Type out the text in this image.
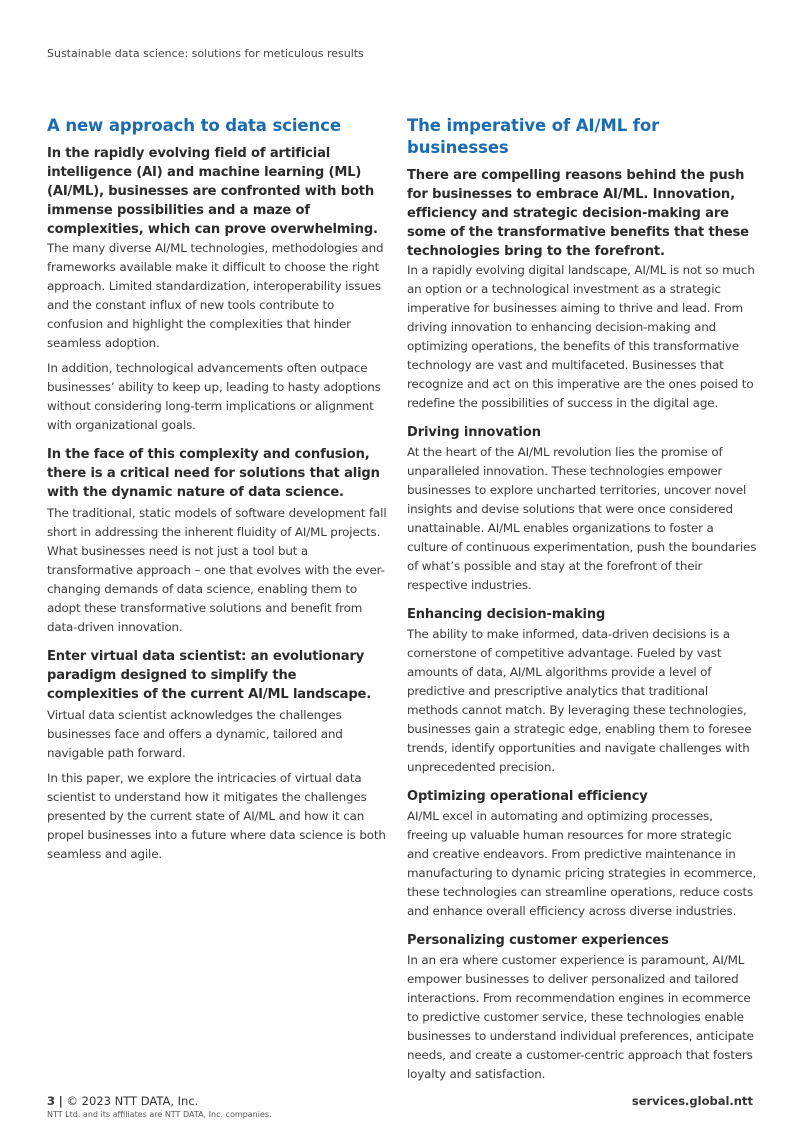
Sustainable data science: solutions for meticulous results
A new approach to data science

In the rapidly evolving field of artificial intelligence (AI) and machine learning (ML) (AI/ML), businesses are confronted with both immense possibilities and a maze of complexities, which can prove overwhelming.

The many diverse AI/ML technologies, methodologies and frameworks available make it difficult to choose the right approach. Limited standardization, interoperability issues and the constant influx of new tools contribute to confusion and highlight the complexities that hinder seamless adoption.

In addition, technological advancements often outpace businesses’ ability to keep up, leading to hasty adoptions without considering long-term implications or alignment with organizational goals.

In the face of this complexity and confusion, there is a critical need for solutions that align with the dynamic nature of data science.

The traditional, static models of software development fall short in addressing the inherent fluidity of AI/ML projects. What businesses need is not just a tool but a transformative approach – one that evolves with the ever-changing demands of data science, enabling them to adopt these transformative solutions and benefit from data-driven innovation.

Enter virtual data scientist: an evolutionary paradigm designed to simplify the complexities of the current AI/ML landscape.

Virtual data scientist acknowledges the challenges businesses face and offers a dynamic, tailored and navigable path forward.

In this paper, we explore the intricacies of virtual data scientist to understand how it mitigates the challenges presented by the current state of AI/ML and how it can propel businesses into a future where data science is both seamless and agile.

The imperative of AI/ML for businesses

There are compelling reasons behind the push for businesses to embrace AI/ML. Innovation, efficiency and strategic decision-making are some of the transformative benefits that these technologies bring to the forefront.

In a rapidly evolving digital landscape, AI/ML is not so much an option or a technological investment as a strategic imperative for businesses aiming to thrive and lead. From driving innovation to enhancing decision-making and optimizing operations, the benefits of this transformative technology are vast and multifaceted. Businesses that recognize and act on this imperative are the ones poised to redefine the possibilities of success in the digital age.

Driving innovation

At the heart of the AI/ML revolution lies the promise of unparalleled innovation. These technologies empower businesses to explore uncharted territories, uncover novel insights and devise solutions that were once considered unattainable. AI/ML enables organizations to foster a culture of continuous experimentation, push the boundaries of what’s possible and stay at the forefront of their respective industries.

Enhancing decision-making

The ability to make informed, data-driven decisions is a cornerstone of competitive advantage. Fueled by vast amounts of data, AI/ML algorithms provide a level of predictive and prescriptive analytics that traditional methods cannot match. By leveraging these technologies, businesses gain a strategic edge, enabling them to foresee trends, identify opportunities and navigate challenges with unprecedented precision.

Optimizing operational efficiency

AI/ML excel in automating and optimizing processes, freeing up valuable human resources for more strategic and creative endeavors. From predictive maintenance in manufacturing to dynamic pricing strategies in ecommerce, these technologies can streamline operations, reduce costs and enhance overall efficiency across diverse industries.

Personalizing customer experiences

In an era where customer experience is paramount, AI/ML empower businesses to deliver personalized and tailored interactions. From recommendation engines in ecommerce to predictive customer service, these technologies enable businesses to understand individual preferences, anticipate needs, and create a customer-centric approach that fosters loyalty and satisfaction.

3 | © 2023 NTT DATA, Inc.
NTT Ltd. and its affiliates are NTT DATA, Inc. companies.
services.global.ntt
